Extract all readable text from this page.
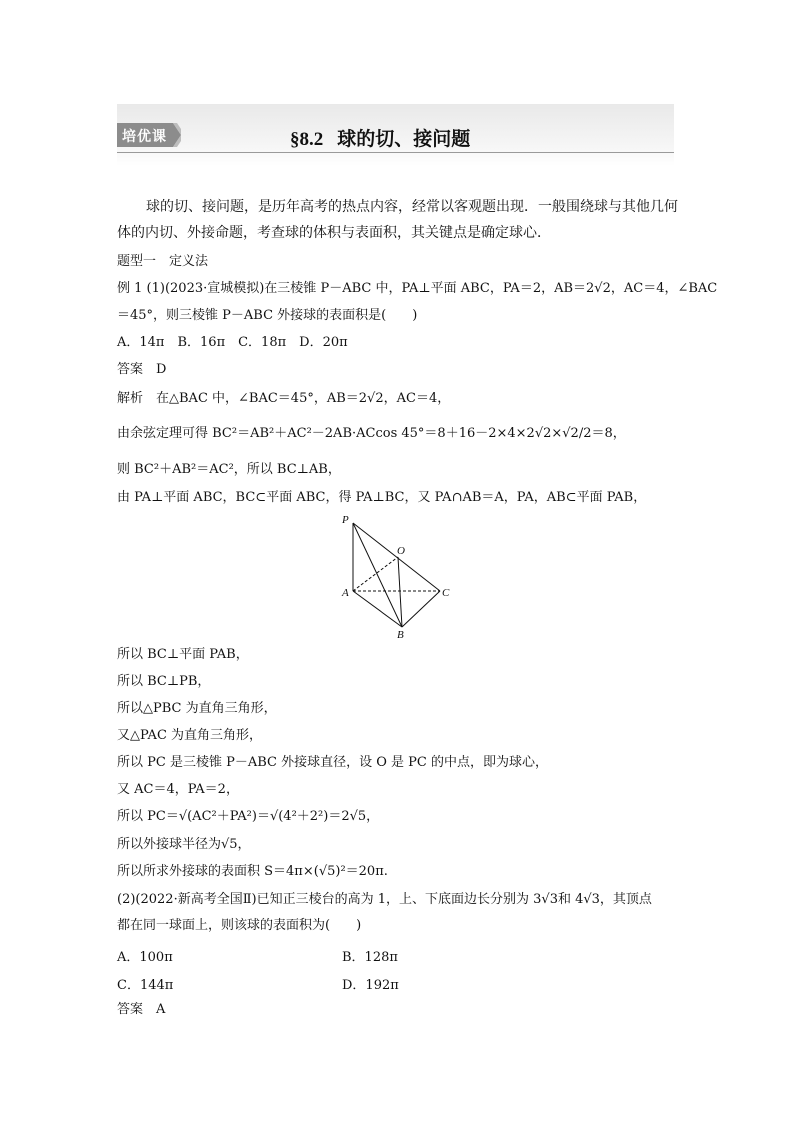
培优课	§8.2 球的切、接问题
球的切、接问题，是历年高考的热点内容，经常以客观题出现．一般围绕球与其他几何
体的内切、外接命题，考查球的体积与表面积，其关键点是确定球心．
题型一　定义法
例 1 (1)(2023·宣城模拟)在三棱锥 P－ABC 中，PA⊥平面 ABC，PA＝2，AB＝2√2，AC＝4，∠BAC
＝45°，则三棱锥 P－ABC 外接球的表面积是(　　)
A．14π　B．16π　C．18π　D．20π
答案　D
解析　在△BAC 中，∠BAC＝45°，AB＝2√2，AC＝4，
由余弦定理可得 BC²＝AB²＋AC²－2AB·ACcos 45°＝8＋16－2×4×2√2×√2/2＝8，
则 BC²＋AB²＝AC²，所以 BC⊥AB，
由 PA⊥平面 ABC，BC⊂平面 ABC，得 PA⊥BC，又 PA∩AB＝A，PA，AB⊂平面 PAB，
P
O
A	C
B
所以 BC⊥平面 PAB，
所以 BC⊥PB，
所以△PBC 为直角三角形，
又△PAC 为直角三角形，
所以 PC 是三棱锥 P－ABC 外接球直径，设 O 是 PC 的中点，即为球心，
又 AC＝4，PA＝2，
所以 PC＝√(AC²＋PA²)＝√(4²＋2²)＝2√5，
所以外接球半径为√5，
所以所求外接球的表面积 S＝4π×(√5)²＝20π.
(2)(2022·新高考全国Ⅱ)已知正三棱台的高为 1，上、下底面边长分别为 3√3和 4√3，其顶点
都在同一球面上，则该球的表面积为(　　)
A．100π	B．128π
C．144π	D．192π
答案　A
